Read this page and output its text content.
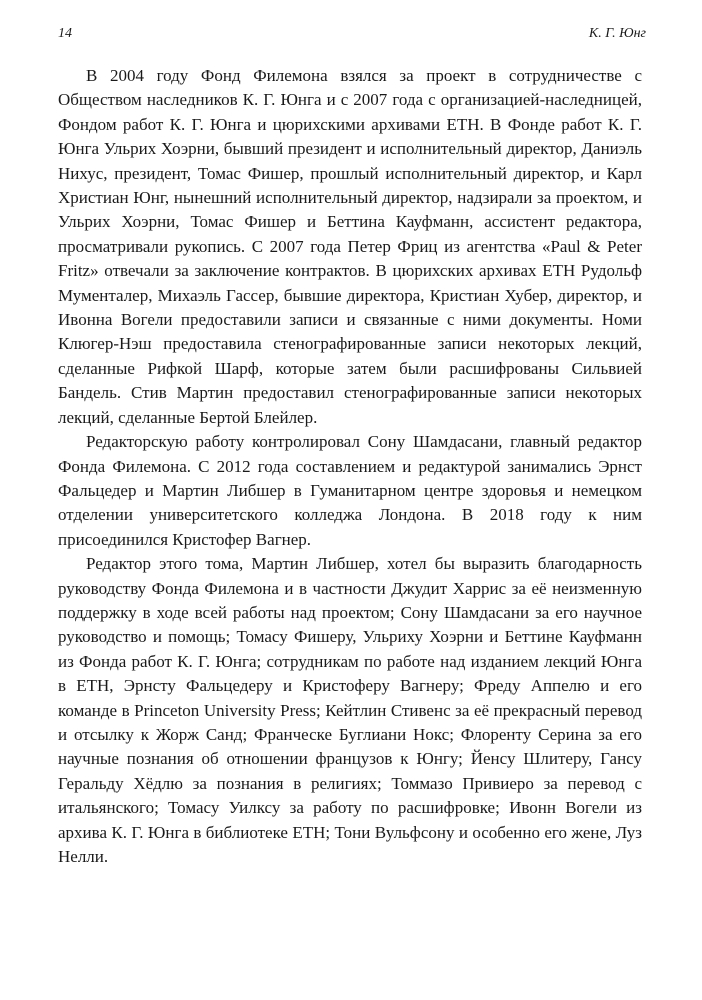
14	К. Г. Юнг

В 2004 году Фонд Филемона взялся за проект в сотрудничестве с Обществом наследников К. Г. Юнга и с 2007 года с организацией-наследницей, Фондом работ К. Г. Юнга и цюрихскими архивами ETH. В Фонде работ К. Г. Юнга Ульрих Хоэрни, бывший президент и исполнительный директор, Даниэль Нихус, президент, Томас Фишер, прошлый исполнительный директор, и Карл Христиан Юнг, нынешний исполнительный директор, надзирали за проектом, и Ульрих Хоэрни, Томас Фишер и Беттина Кауфманн, ассистент редактора, просматривали рукопись. С 2007 года Петер Фриц из агентства «Paul & Peter Fritz» отвечали за заключение контрактов. В цюрихских архивах ETH Рудольф Мументалер, Михаэль Гассер, бывшие директора, Кристиан Хубер, директор, и Ивонна Вогели предоставили записи и связанные с ними документы. Номи Клюгер-Нэш предоставила стенографированные записи некоторых лекций, сделанные Рифкой Шарф, которые затем были расшифрованы Сильвией Бандель. Стив Мартин предоставил стенографированные записи некоторых лекций, сделанные Бертой Блейлер.

Редакторскую работу контролировал Сону Шамдасани, главный редактор Фонда Филемона. С 2012 года составлением и редактурой занимались Эрнст Фальцедер и Мартин Либшер в Гуманитарном центре здоровья и немецком отделении университетского колледжа Лондона. В 2018 году к ним присоединился Кристофер Вагнер.

Редактор этого тома, Мартин Либшер, хотел бы выразить благодарность руководству Фонда Филемона и в частности Джудит Харрис за её неизменную поддержку в ходе всей работы над проектом; Сону Шамдасани за его научное руководство и помощь; Томасу Фишеру, Ульриху Хоэрни и Беттине Кауфманн из Фонда работ К. Г. Юнга; сотрудникам по работе над изданием лекций Юнга в ETH, Эрнсту Фальцедеру и Кристоферу Вагнеру; Фреду Аппелю и его команде в Princeton University Press; Кейтлин Стивенс за её прекрасный перевод и отсылку к Жорж Санд; Франческе Буглиани Нокс; Флоренту Серина за его научные познания об отношении французов к Юнгу; Йенсу Шлитеру, Гансу Геральду Хёдлю за познания в религиях; Томмазо Привиеро за перевод с итальянского; Томасу Уилксу за работу по расшифровке; Ивонн Вогели из архива К. Г. Юнга в библиотеке ETH; Тони Вульфсону и особенно его жене, Луз Нелли.
